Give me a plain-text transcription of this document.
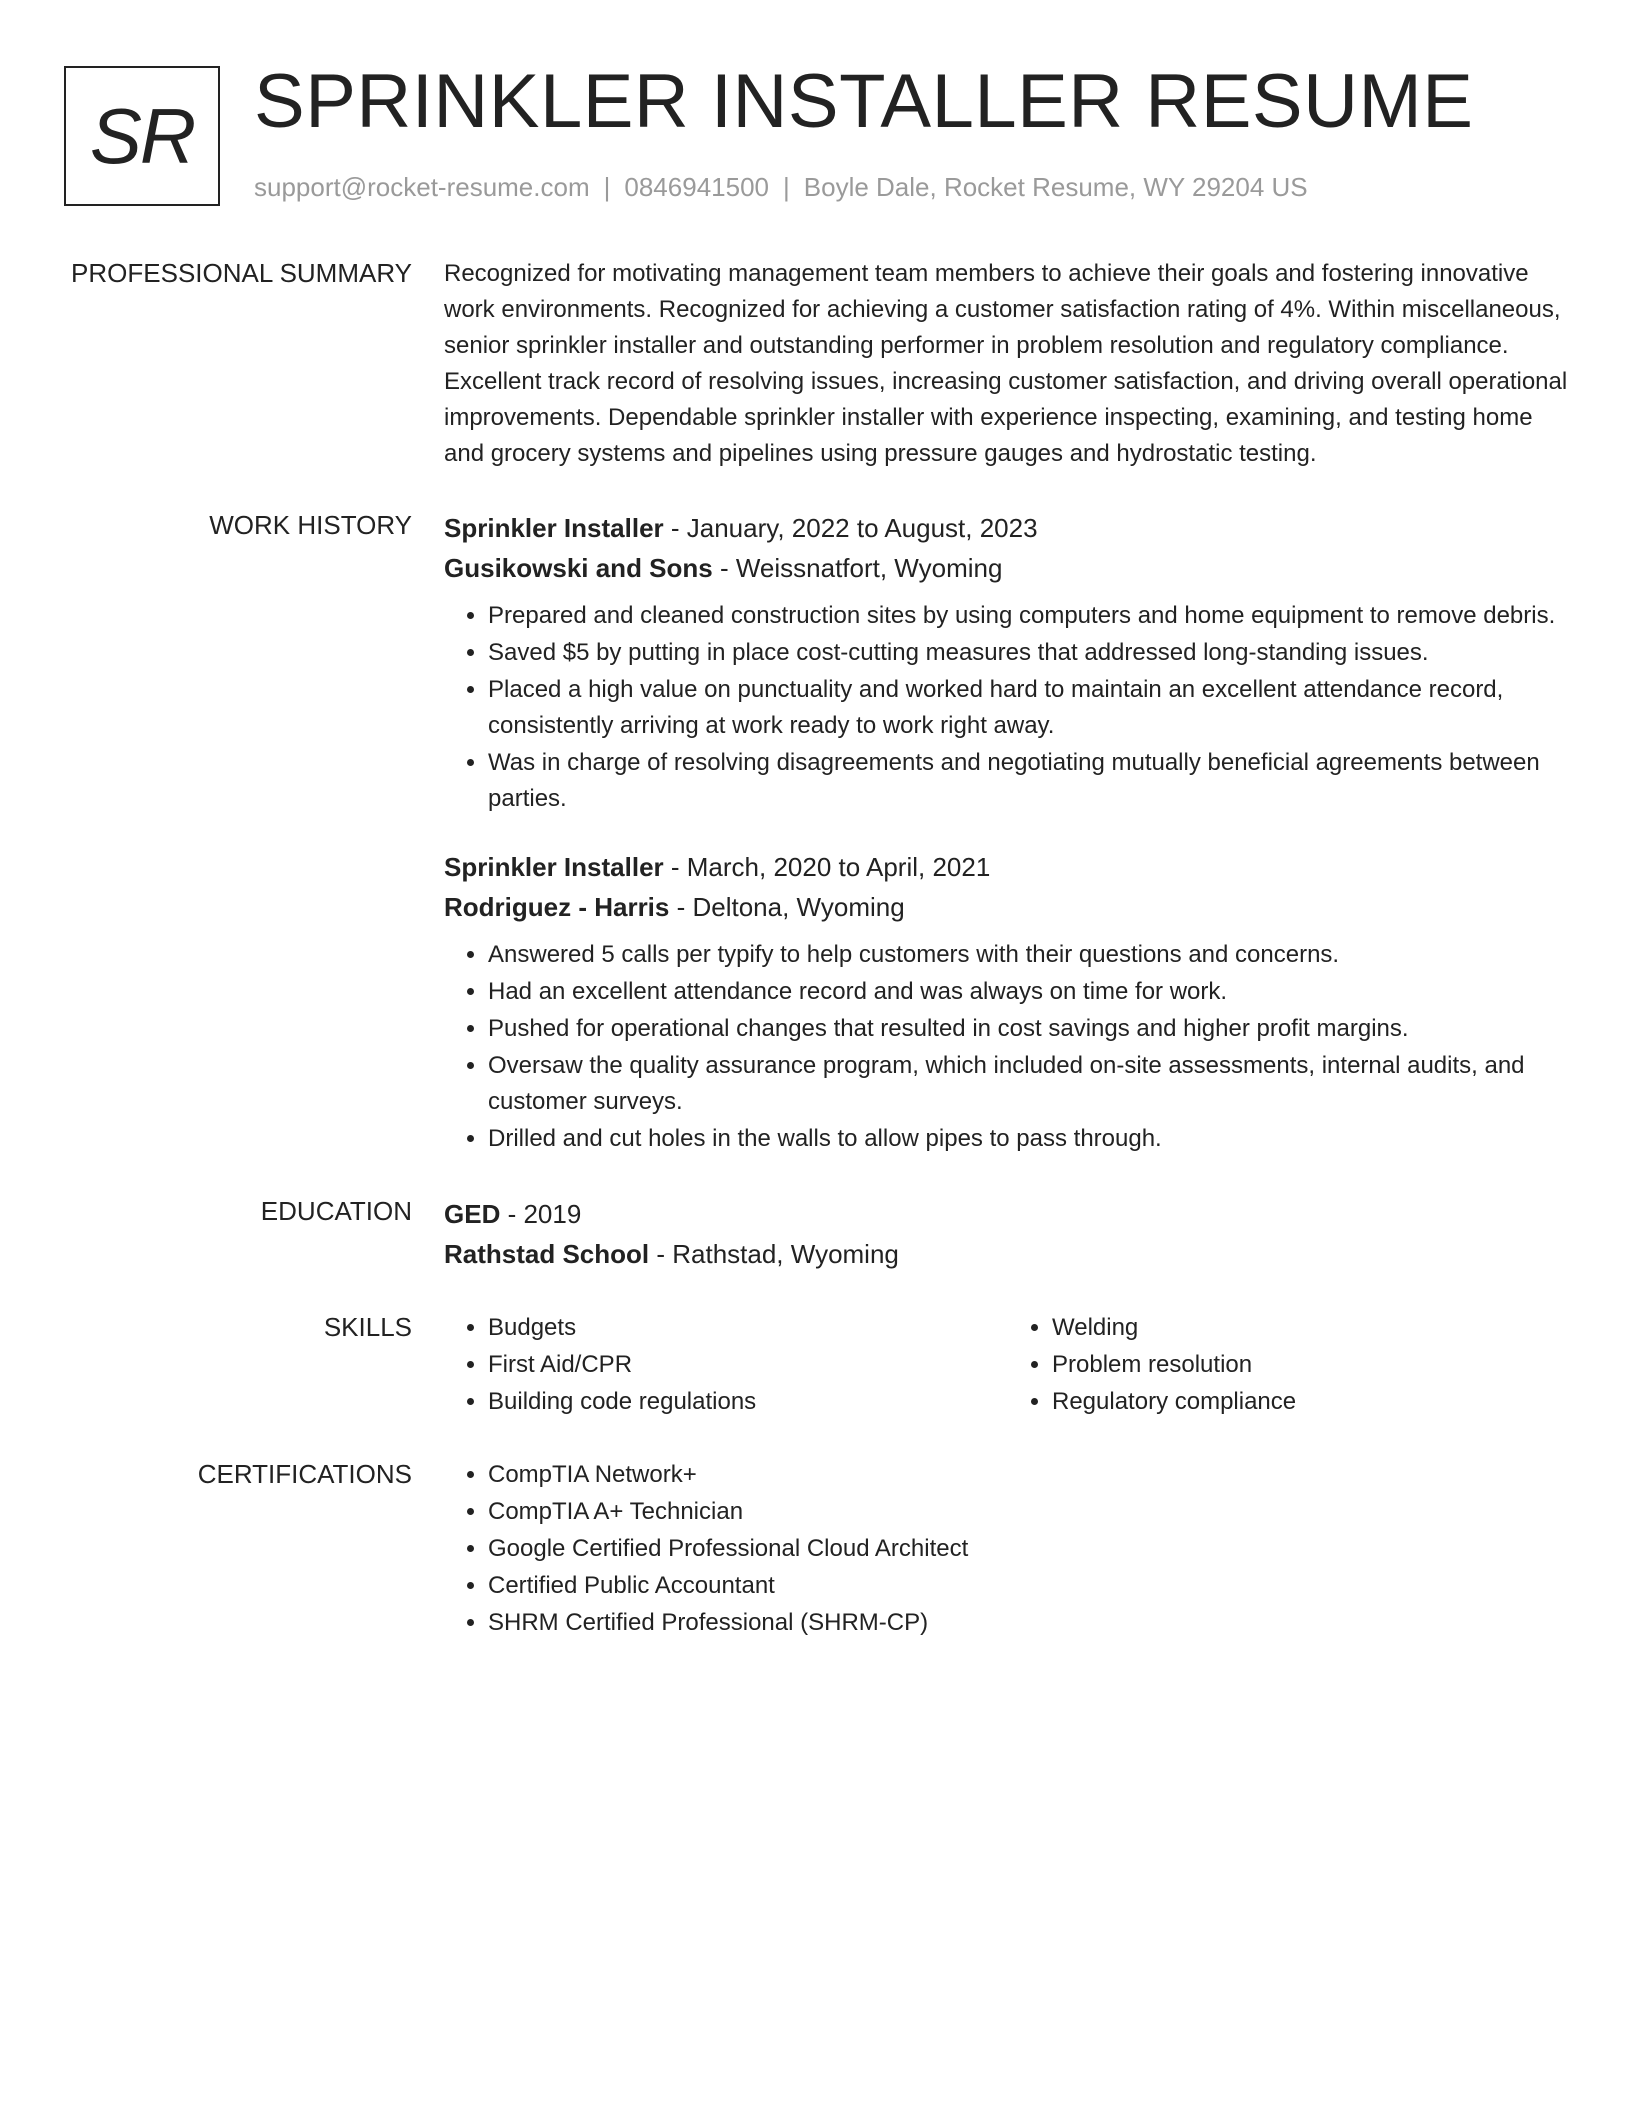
SR SPRINKLER INSTALLER RESUME
support@rocket-resume.com | 0846941500 | Boyle Dale, Rocket Resume, WY 29204 US
PROFESSIONAL SUMMARY Recognized for motivating management team members to achieve their goals and fostering innovative work environments. Recognized for achieving a customer satisfaction rating of 4%. Within miscellaneous, senior sprinkler installer and outstanding performer in problem resolution and regulatory compliance. Excellent track record of resolving issues, increasing customer satisfaction, and driving overall operational improvements. Dependable sprinkler installer with experience inspecting, examining, and testing home and grocery systems and pipelines using pressure gauges and hydrostatic testing.
WORK HISTORY Sprinkler Installer - January, 2022 to August, 2023
Gusikowski and Sons - Weissnatfort, Wyoming
• Prepared and cleaned construction sites by using computers and home equipment to remove debris.
• Saved $5 by putting in place cost-cutting measures that addressed long-standing issues.
• Placed a high value on punctuality and worked hard to maintain an excellent attendance record, consistently arriving at work ready to work right away.
• Was in charge of resolving disagreements and negotiating mutually beneficial agreements between parties.
Sprinkler Installer - March, 2020 to April, 2021
Rodriguez - Harris - Deltona, Wyoming
• Answered 5 calls per typify to help customers with their questions and concerns.
• Had an excellent attendance record and was always on time for work.
• Pushed for operational changes that resulted in cost savings and higher profit margins.
• Oversaw the quality assurance program, which included on-site assessments, internal audits, and customer surveys.
• Drilled and cut holes in the walls to allow pipes to pass through.
EDUCATION GED - 2019
Rathstad School - Rathstad, Wyoming
SKILLS	• Budgets
• First Aid/CPR
• Building code regulations
• Welding
• Problem resolution
• Regulatory compliance
CERTIFICATIONS	• CompTIA Network+
• CompTIA A+ Technician
• Google Certified Professional Cloud Architect
• Certified Public Accountant
• SHRM Certified Professional (SHRM-CP)
